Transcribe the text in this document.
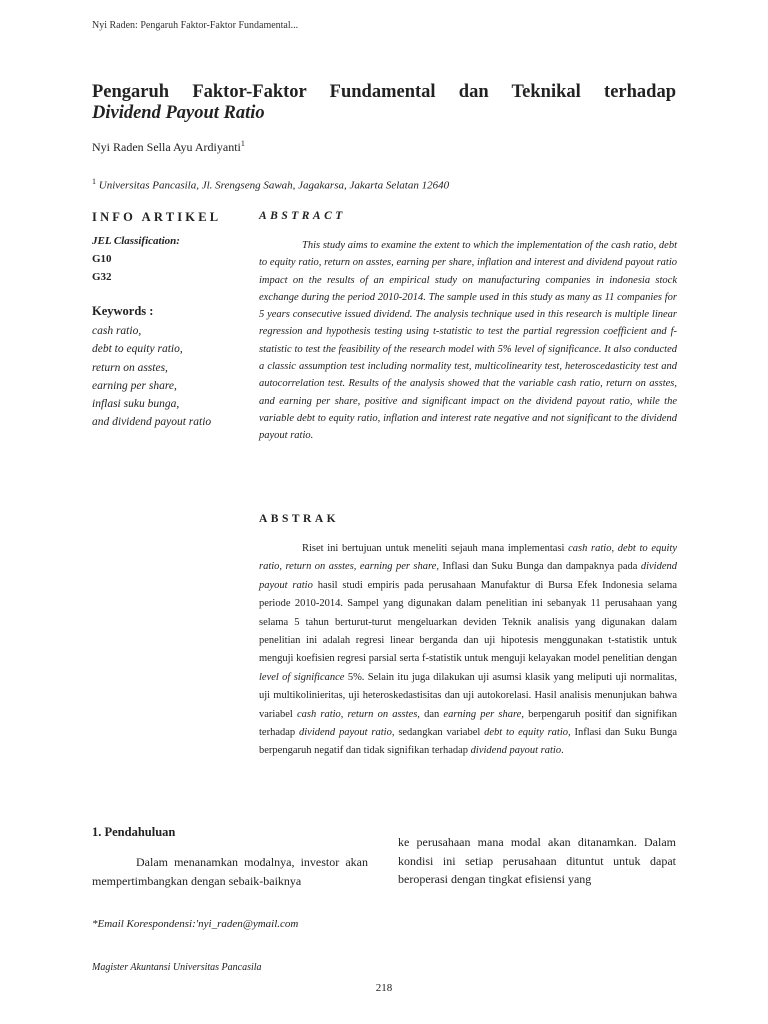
Nyi Raden: Pengaruh Faktor-Faktor Fundamental...
Pengaruh Faktor-Faktor Fundamental dan Teknikal terhadap
Dividend Payout Ratio
Nyi Raden Sella Ayu Ardiyanti$^1$
$^1$ Universitas Pancasila, Jl. Srengseng Sawah, Jagakarsa, Jakarta Selatan 12640
INFO ARTIKEL
JEL Classification:
G10
G32
Keywords :
cash ratio,
debt to equity ratio,
return on asstes,
earning per share,
inflasi suku bunga,
and dividend payout ratio
ABSTRACT

This study aims to examine the extent to which the implementation of the cash ratio, debt to equity ratio, return on asstes, earning per share, inflation and interest and dividend payout ratio impact on the results of an empirical study on manufacturing companies in indonesia stock exchange during the period 2010-2014. The sample used in this study as many as 11 companies for 5 years consecutive issued dividend. The analysis technique used in this research is multiple linear regression and hypothesis testing using t-statistic to test the partial regression coefficient and f-statistic to test the feasibility of the research model with 5% level of significance. It also conducted a classic assumption test including normality test, multicolinearity test, heteroscedasticity test and autocorrelation test. Results of the analysis showed that the variable cash ratio, return on asstes, and earning per share, positive and significant impact on the dividend payout ratio, while the variable debt to equity ratio, inflation and interest rate negative and not significant to the dividend payout ratio.

ABSTRAK

Riset ini bertujuan untuk meneliti sejauh mana implementasi cash ratio, debt to equity ratio, return on asstes, earning per share, Inflasi dan Suku Bunga dan dampaknya pada dividend payout ratio hasil studi empiris pada perusahaan Manufaktur di Bursa Efek Indonesia selama periode 2010-2014. Sampel yang digunakan dalam penelitian ini sebanyak 11 perusahaan yang selama 5 tahun berturut-turut mengeluarkan deviden Teknik analisis yang digunakan dalam penelitian ini adalah regresi linear berganda dan uji hipotesis menggunakan t-statistik untuk menguji koefisien regresi parsial serta f-statistik untuk menguji kelayakan model penelitian dengan level of significance 5%. Selain itu juga dilakukan uji asumsi klasik yang meliputi uji normalitas, uji multikolinieritas, uji heteroskedastisitas dan uji autokorelasi. Hasil analisis menunjukan bahwa variabel cash ratio, return on asstes, dan earning per share, berpengaruh positif dan signifikan terhadap dividend payout ratio, sedangkan variabel debt to equity ratio, Inflasi dan Suku Bunga berpengaruh negatif dan tidak signifikan terhadap dividend payout ratio.

1. Pendahuluan

Dalam menanamkan modalnya, investor akan mempertimbangkan dengan sebaik-baiknya

ke perusahaan mana modal akan ditanamkan. Dalam kondisi ini setiap perusahaan dituntut untuk dapat beroperasi dengan tingkat efisiensi yang

*Email Korespondensi:'nyi_raden@ymail.com
Magister Akuntansi Universitas Pancasila
218
